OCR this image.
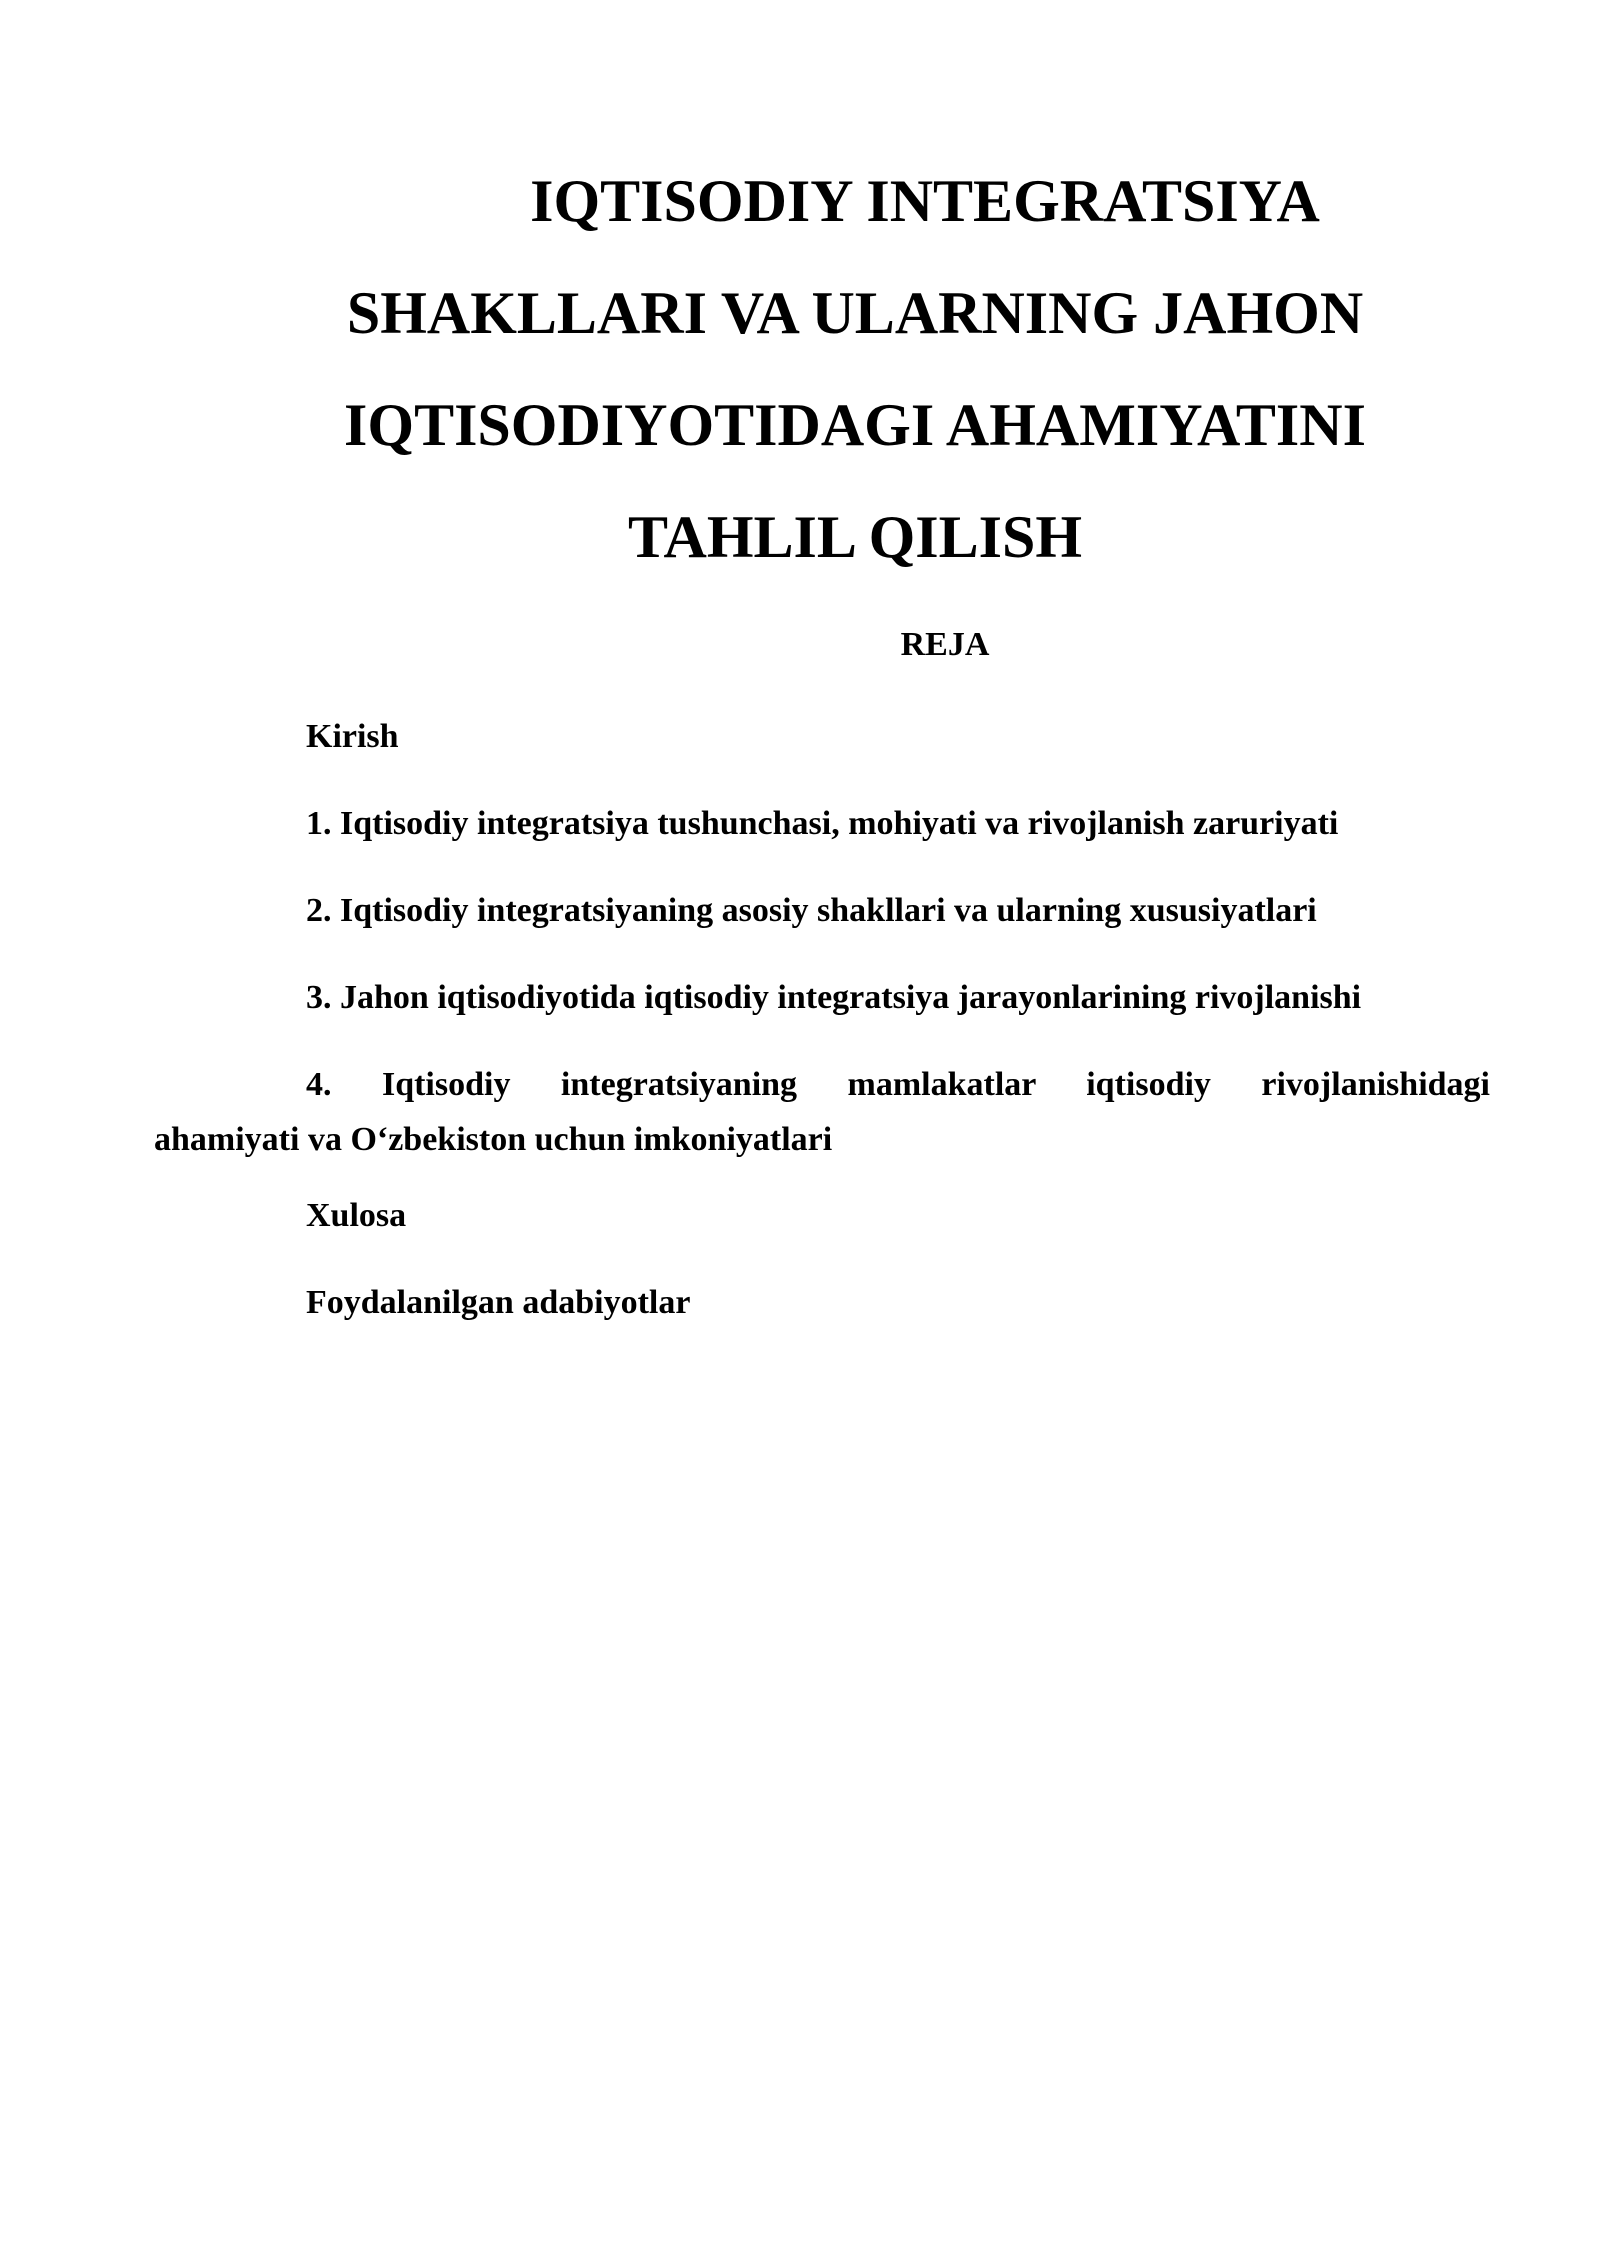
IQTISODIY INTEGRATSIYA
SHAKLLARI VA ULARNING JAHON
IQTISODIYOTIDAGI AHAMIYATINI
TAHLIL QILISH
REJA
Kirish
1. Iqtisodiy integratsiya tushunchasi, mohiyati va rivojlanish zaruriyati
2. Iqtisodiy integratsiyaning asosiy shakllari va ularning xususiyatlari
3. Jahon iqtisodiyotida iqtisodiy integratsiya jarayonlarining rivojlanishi
4. Iqtisodiy integratsiyaning mamlakatlar iqtisodiy rivojlanishidagi
ahamiyati va O‘zbekiston uchun imkoniyatlari
Xulosa
Foydalanilgan adabiyotlar
